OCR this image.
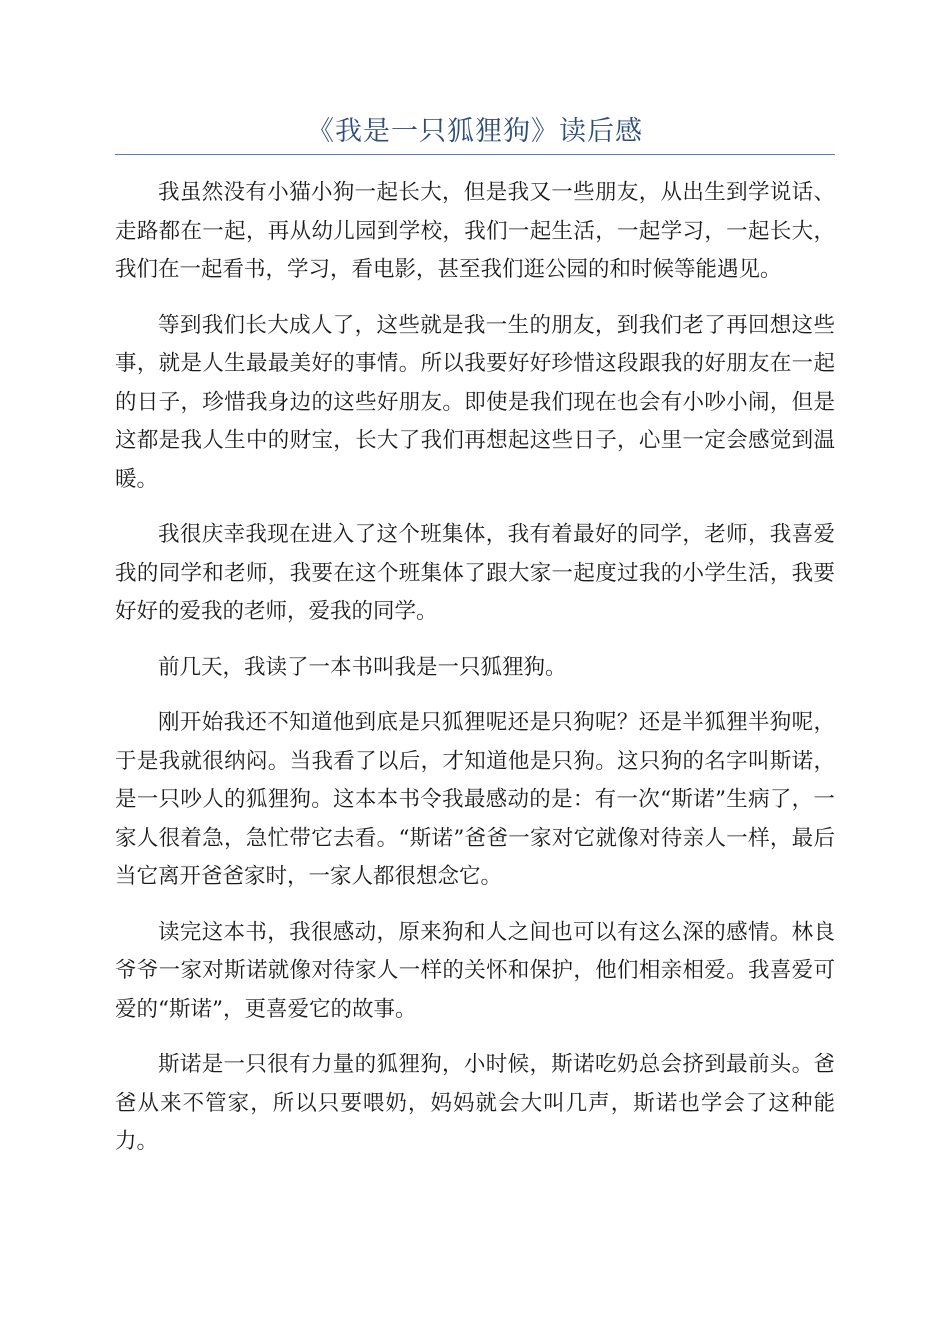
《我是一只狐狸狗》读后感

我虽然没有小猫小狗一起长大，但是我又一些朋友，从出生到学说话、走路都在一起，再从幼儿园到学校，我们一起生活，一起学习，一起长大，我们在一起看书，学习，看电影，甚至我们逛公园的和时候等能遇见。

等到我们长大成人了，这些就是我一生的朋友，到我们老了再回想这些事，就是人生最最美好的事情。所以我要好好珍惜这段跟我的好朋友在一起的日子，珍惜我身边的这些好朋友。即使是我们现在也会有小吵小闹，但是这都是我人生中的财宝，长大了我们再想起这些日子，心里一定会感觉到温暖。

我很庆幸我现在进入了这个班集体，我有着最好的同学，老师，我喜爱我的同学和老师，我要在这个班集体了跟大家一起度过我的小学生活，我要好好的爱我的老师，爱我的同学。

前几天，我读了一本书叫我是一只狐狸狗。

刚开始我还不知道他到底是只狐狸呢还是只狗呢？还是半狐狸半狗呢，于是我就很纳闷。当我看了以后，才知道他是只狗。这只狗的名字叫斯诺，是一只吵人的狐狸狗。这本本书令我最感动的是：有一次“斯诺”生病了，一家人很着急，急忙带它去看。“斯诺”爸爸一家对它就像对待亲人一样，最后当它离开爸爸家时，一家人都很想念它。

读完这本书，我很感动，原来狗和人之间也可以有这么深的感情。林良爷爷一家对斯诺就像对待家人一样的关怀和保护，他们相亲相爱。我喜爱可爱的“斯诺”，更喜爱它的故事。

斯诺是一只很有力量的狐狸狗，小时候，斯诺吃奶总会挤到最前头。爸爸从来不管家，所以只要喂奶，妈妈就会大叫几声，斯诺也学会了这种能力。
